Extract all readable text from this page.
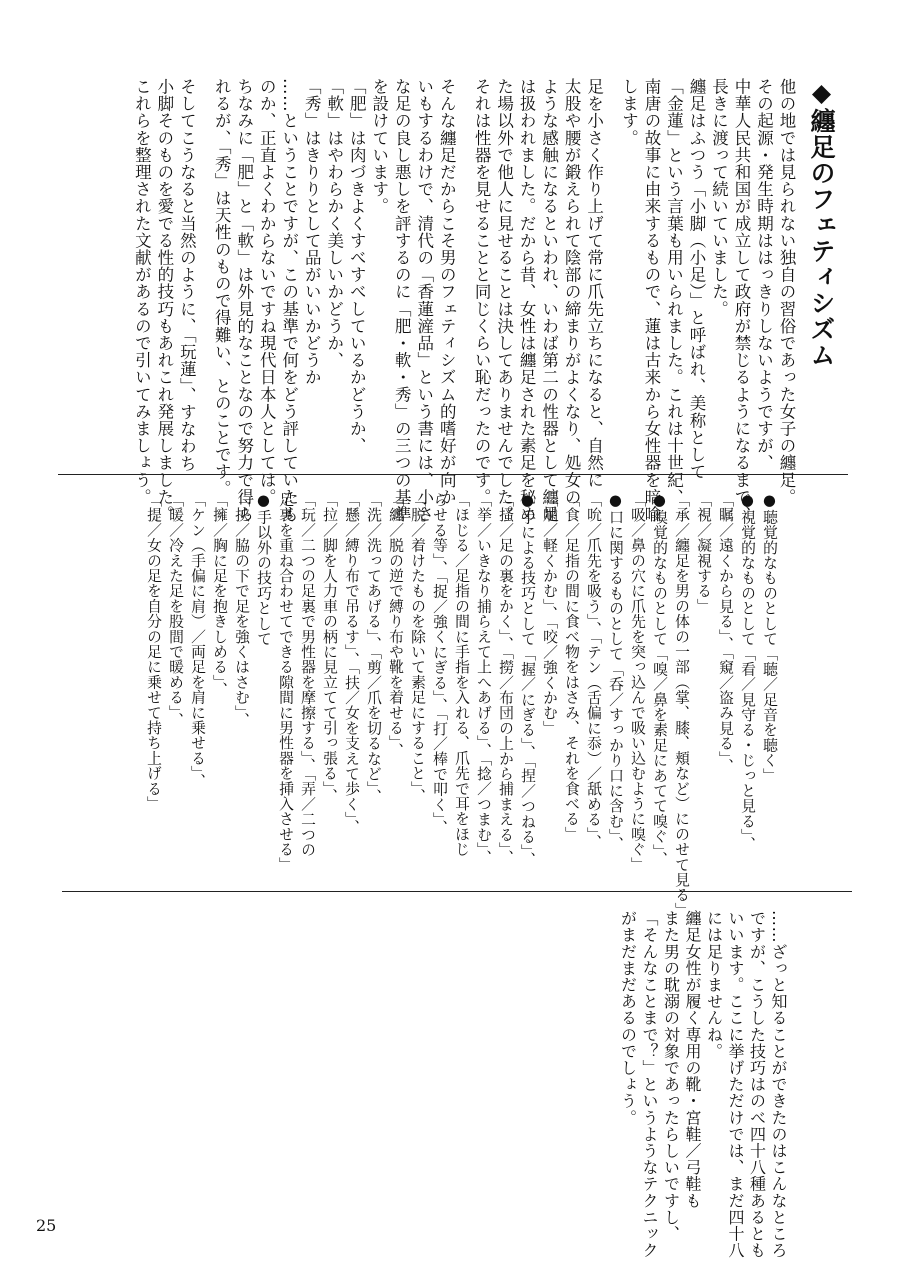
◆纏足のフェティシズム
他の地では見られない独自の習俗であった女子の纏足。
その起源・発生時期ははっきりしないようですが、
中華人民共和国が成立して政府が禁じるようになるまで、
長きに渡って続いていました。
纏足はふつう「小脚（小足）」と呼ばれ、美称として
「金蓮」という言葉も用いられました。これは十世紀、
南唐の故事に由来するもので、蓮は古来から女性器を暗喩
します。
足を小さく作り上げて常に爪先立ちになると、自然に
太股や腰が鍛えられて陰部の締まりがよくなり、処女の
ような感触になるといわれ、いわば第二の性器として纏足
は扱われました。だから昔、女性は纏足された素足を秘め
た場以外で他人に見せることは決してありませんでした。
それは性器を見せることと同じくらい恥だったのです。
そんな纏足だからこそ男のフェティシズム的嗜好が向か
いもするわけで、清代の「香蓮滻品」という書には、小さ
な足の良し悪しを評するのに「肥・軟・秀」の三つの基準
を設けています。
「肥」は肉づきよくすべすべしているかどうか、
「軟」はやわらかく美しいかどうか、
「秀」はきりりとして品がいいかどうか
……ということですが、この基準で何をどう評していたも
のか、正直よくわからないですね現代日本人としては。
ちなみに「肥」と「軟」は外見的なことなので努力で得ら
れるが、「秀」は天性のもので得難い、とのことです。
そしてこうなると当然のように、「玩蓮」、すなわち
小脚そのものを愛でる性的技巧もあれこれ発展しました。
これらを整理された文献があるので引いてみましょう。
●聴覚的なものとして「聴／足音を聴く」
●視覚的なものとして「看／見守る・じっと見る」、
「瞩／遠くから見る」、「窺／盗み見る」、
「視／凝視する」
「承／纏足を男の体の一部（掌、膝、頬など）にのせて見る」
●嗅覚的なものとして「嗅／鼻を素足にあてて嗅ぐ」、
「吸／鼻の穴に爪先を突っ込んで吸い込むように嗅ぐ」
●口に関するものとして「呑／すっかり口に含む」、
「吮／爪先を吸う」、「テン（舌偏に忝）／舐める」、
「食／足指の間に食べ物をはさみ、それを食べる」
「噛／軽くかむ」、「咬／強くかむ」
●手による技巧として「握／にぎる」、「捏／つねる」、
「搔／足の裏をかく」、「撈／布団の上から捕まえる」、
「挙／いきなり捕らえて上へあげる」、「捻／つまむ」、
「ほじる／足指の間に手指を入れる、爪先で耳をほじ
らせる等」、「捉／強くにぎる」、「打／棒で叩く」、
「脱／着けたものを除いて素足にすること」、
「纏／脱の逆で縛り布や靴を着せる」、
「洗／洗ってあげる」、「剪／爪を切るなど」、
「懸／縛り布で吊るす」、「扶／女を支えて歩く」、
「拉／脚を人力車の柄に見立てて引っ張る」、
「玩／二つの足裏で男性器を摩擦する」、「弄／二つの
足裏を重ね合わせてできる隙間に男性器を挿入させる」
●手以外の技巧として
「挟／脇の下で足を強くはさむ」、
「擁／胸に足を抱きしめる」、
「ケン（手偏に肩）／両足を肩に乗せる」、
「暖／冷えた足を股間で暖める」、
「提／女の足を自分の足に乗せて持ち上げる」
……ざっと知ることができたのはこんなところ
ですが、こうした技巧はのべ四十八種あるとも
いいます。ここに挙げただけでは、まだ四十八
には足りませんね。
纏足女性が履く専用の靴・宮鞋／弓鞋も
また男の耽溺の対象であったらしいですし、
「そんなことまで？」というようなテクニック
がまだまだあるのでしょう。
25
